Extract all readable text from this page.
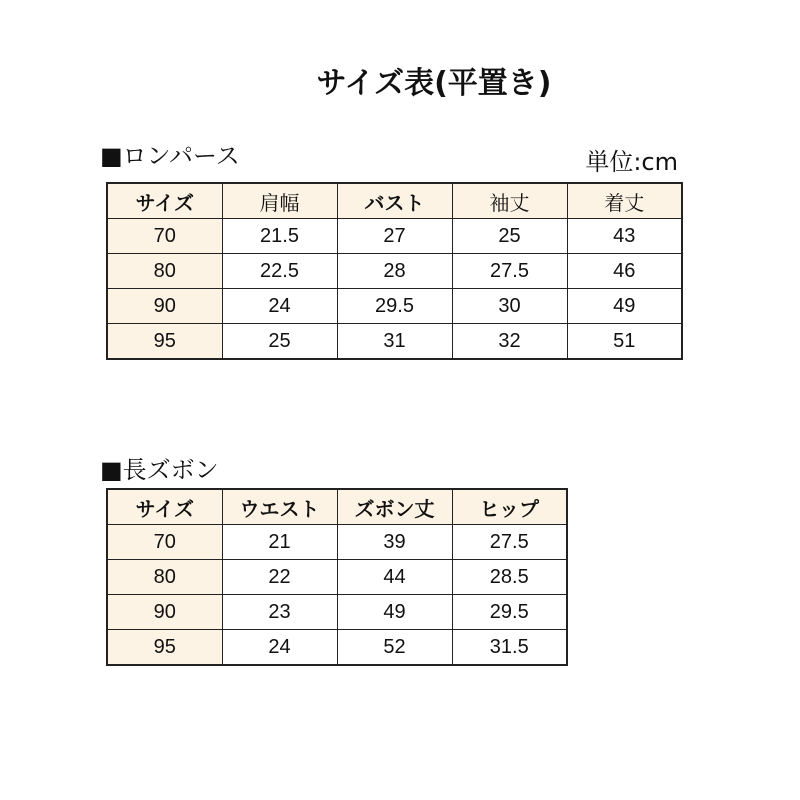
サイズ表(平置き)
■ロンパース	単位:cm
サイズ	肩幅	バスト	袖丈	着丈
70	21.5	27	25	43
80	22.5	28	27.5	46
90	24	29.5	30	49
95	25	31	32	51
■長ズボン
サイズ	ウエスト	ズボン丈	ヒップ
70	21	39	27.5
80	22	44	28.5
90	23	49	29.5
95	24	52	31.5
